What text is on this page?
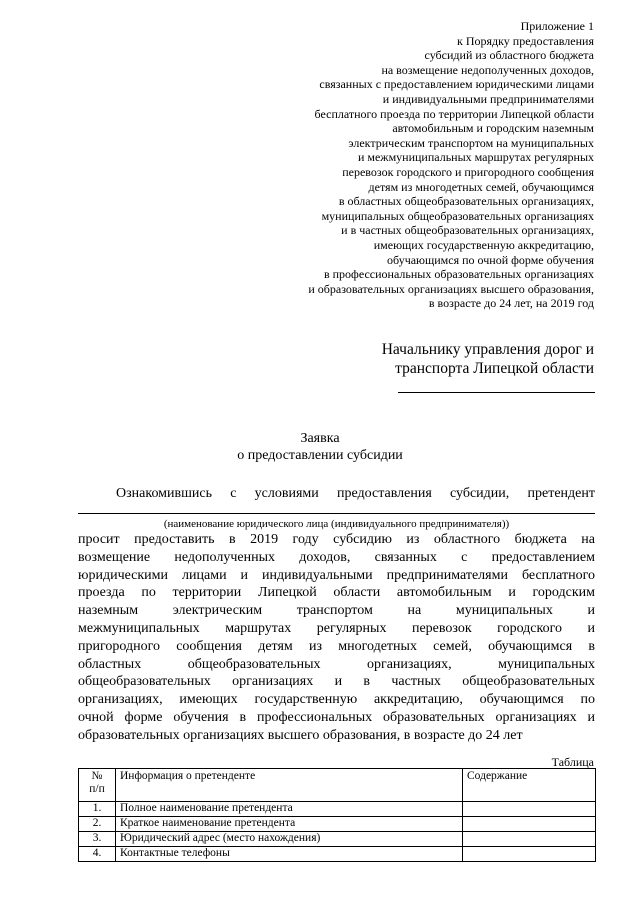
Приложение 1
к Порядку предоставления
субсидий из областного бюджета
на возмещение недополученных доходов,
связанных с предоставлением юридическими лицами
и индивидуальными предпринимателями
бесплатного проезда по территории Липецкой области
автомобильным и городским наземным
электрическим транспортом на муниципальных
и межмуниципальных маршрутах регулярных
перевозок городского и пригородного сообщения
детям из многодетных семей, обучающимся
в областных общеобразовательных организациях,
муниципальных общеобразовательных организациях
и в частных общеобразовательных организациях,
имеющих государственную аккредитацию,
обучающимся по очной форме обучения
в профессиональных образовательных организациях
и образовательных организациях высшего образования,
в возрасте до 24 лет, на 2019 год
Начальнику управления дорог и
транспорта Липецкой области
Заявка
о предоставлении субсидии
Ознакомившись с условиями предоставления субсидии, претендент
(наименование юридического лица (индивидуального предпринимателя))
просит предоставить в 2019 году субсидию из областного бюджета на
возмещение недополученных доходов, связанных с предоставлением
юридическими лицами и индивидуальными предпринимателями бесплатного
проезда по территории Липецкой области автомобильным и городским
наземным электрическим транспортом на муниципальных и
межмуниципальных маршрутах регулярных перевозок городского и
пригородного сообщения детям из многодетных семей, обучающимся в
областных общеобразовательных организациях, муниципальных
общеобразовательных организациях и в частных общеобразовательных
организациях, имеющих государственную аккредитацию, обучающимся по
очной форме обучения в профессиональных образовательных организациях и
образовательных организациях высшего образования, в возрасте до 24 лет
Таблица
№
п/п	Информация о претенденте	Содержание
1.	Полное наименование претендента	
2.	Краткое наименование претендента	
3.	Юридический адрес (место нахождения)	
4.	Контактные телефоны	
